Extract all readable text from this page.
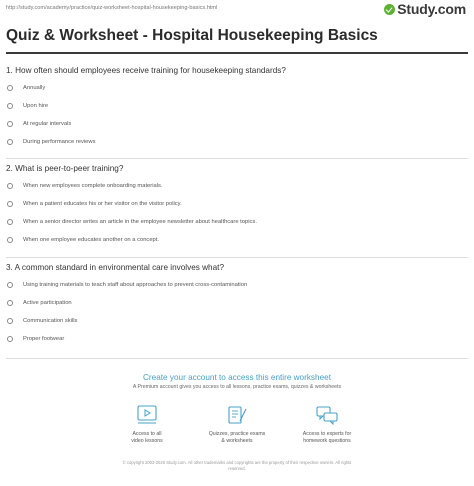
http://study.com/academy/practice/quiz-worksheet-hospital-housekeeping-basics.html	Study.com
Quiz & Worksheet - Hospital Housekeeping Basics
1. How often should employees receive training for housekeeping standards?
Annually
Upon hire
At regular intervals
During performance reviews
2. What is peer-to-peer training?
When new employees complete onboarding materials.
When a patient educates his or her visitor on the visitor policy.
When a senior director writes an article in the employee newsletter about healthcare topics.
When one employee educates another on a concept.
3. A common standard in environmental care involves what?
Using training materials to teach staff about approaches to prevent cross-contamination
Active participation
Communication skills
Proper footwear
Create your account to access this entire worksheet
A Premium account gives you access to all lessons, practice exams, quizzes & worksheets
Access to all
video lessons
Quizzes, practice exams
& worksheets
Access to experts for
homework questions
© copyright 2003-2020 Study.com. All other trademarks and copyrights are the property of their respective owners. All rights
reserved.
